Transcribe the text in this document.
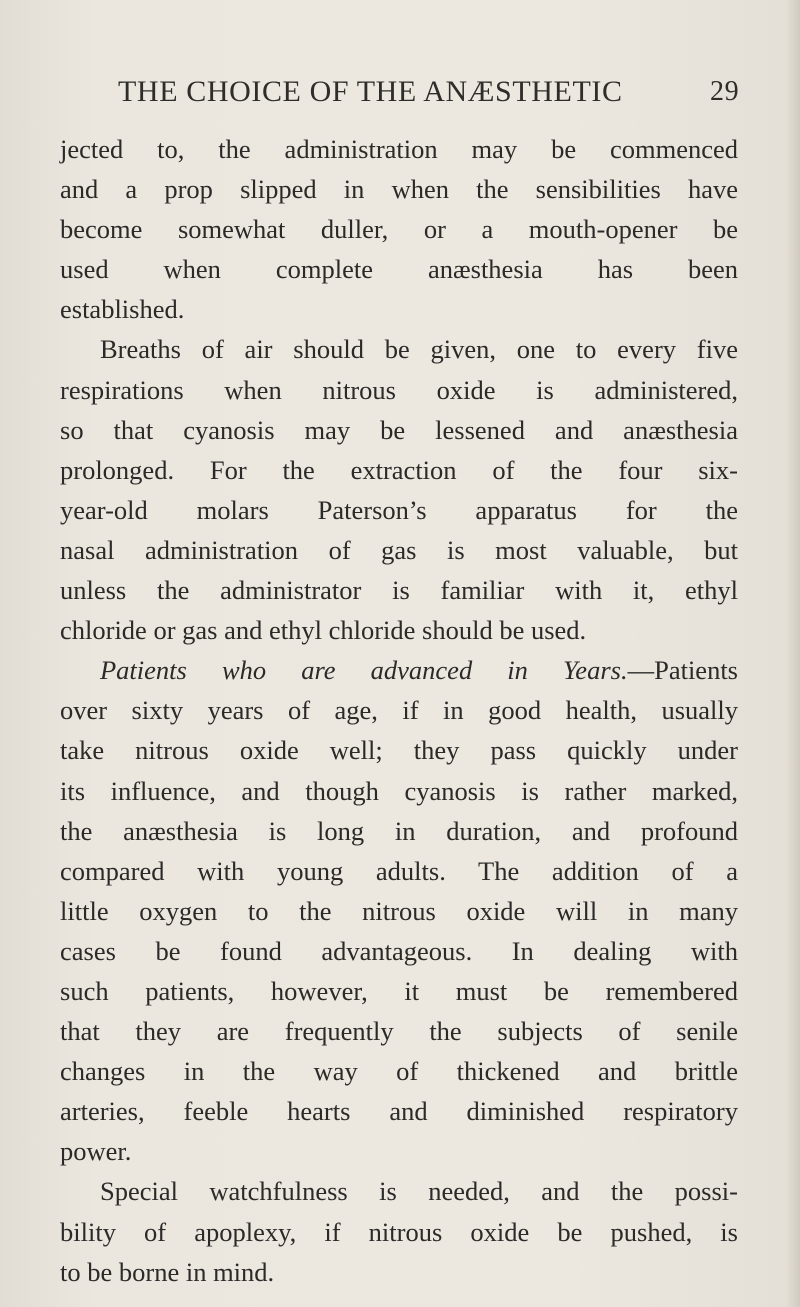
THE CHOICE OF THE ANÆSTHETIC	29
jected to, the administration may be commenced
and a prop slipped in when the sensibilities have
become somewhat duller, or a mouth-opener be
used when complete anæsthesia has been
established.
Breaths of air should be given, one to every five
respirations when nitrous oxide is administered,
so that cyanosis may be lessened and anæsthesia
prolonged. For the extraction of the four six-
year-old molars Paterson’s apparatus for the
nasal administration of gas is most valuable, but
unless the administrator is familiar with it, ethyl
chloride or gas and ethyl chloride should be used.
Patients who are advanced in Years.—Patients
over sixty years of age, if in good health, usually
take nitrous oxide well; they pass quickly under
its influence, and though cyanosis is rather marked,
the anæsthesia is long in duration, and profound
compared with young adults. The addition of a
little oxygen to the nitrous oxide will in many
cases be found advantageous. In dealing with
such patients, however, it must be remembered
that they are frequently the subjects of senile
changes in the way of thickened and brittle
arteries, feeble hearts and diminished respiratory
power.
Special watchfulness is needed, and the possi-
bility of apoplexy, if nitrous oxide be pushed, is
to be borne in mind.
